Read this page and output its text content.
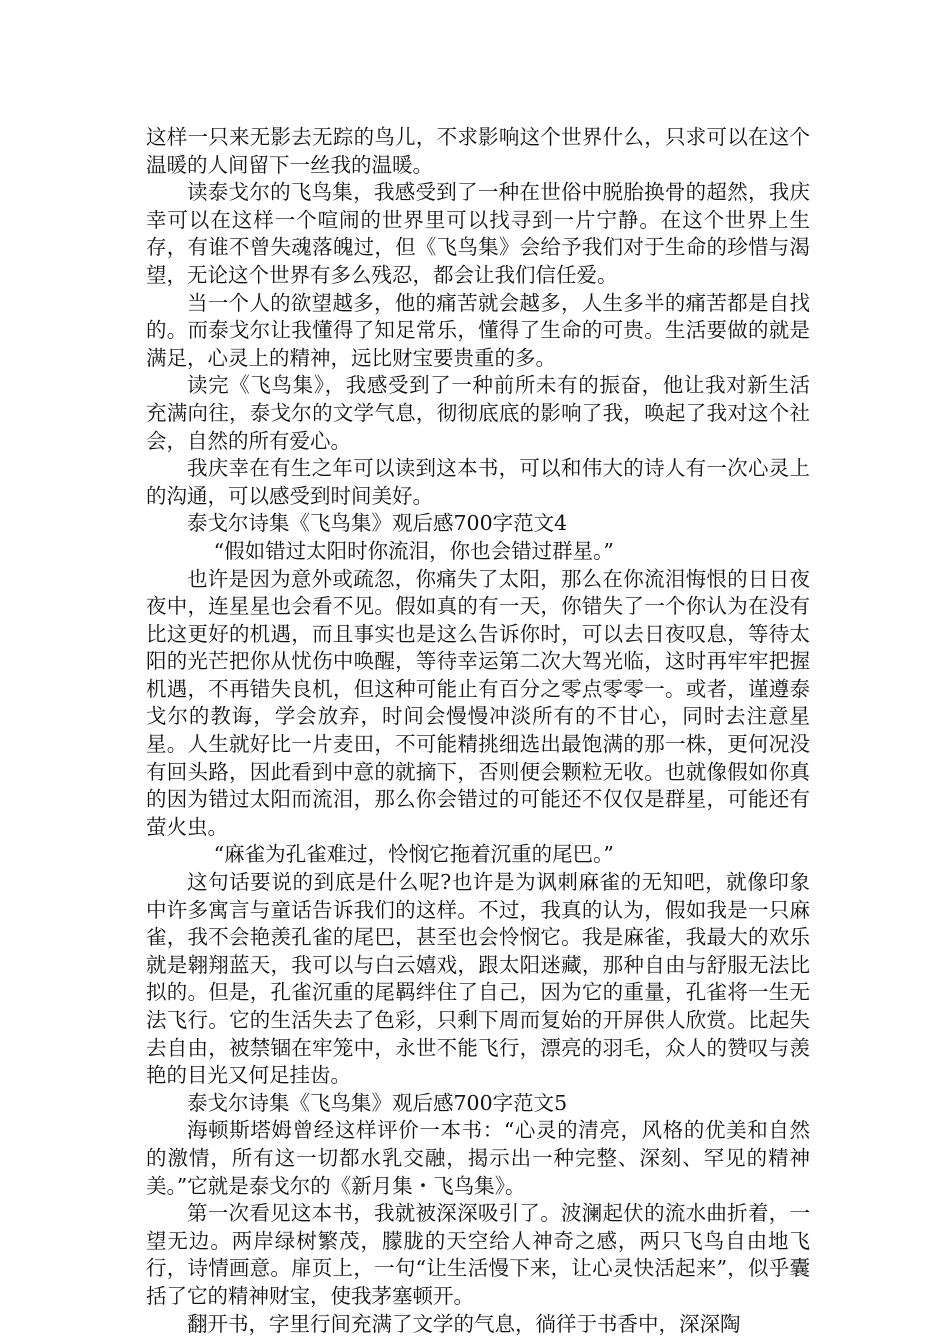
这样一只来无影去无踪的鸟儿，不求影响这个世界什么，只求可以在这个温暖的人间留下一丝我的温暖。

读泰戈尔的飞鸟集，我感受到了一种在世俗中脱胎换骨的超然，我庆幸可以在这样一个喧闹的世界里可以找寻到一片宁静。在这个世界上生存，有谁不曾失魂落魄过，但《飞鸟集》会给予我们对于生命的珍惜与渴望，无论这个世界有多么残忍，都会让我们信任爱。

当一个人的欲望越多，他的痛苦就会越多，人生多半的痛苦都是自找的。而泰戈尔让我懂得了知足常乐，懂得了生命的可贵。生活要做的就是满足，心灵上的精神，远比财宝要贵重的多。

读完《飞鸟集》，我感受到了一种前所未有的振奋，他让我对新生活充满向往，泰戈尔的文学气息，彻彻底底的影响了我，唤起了我对这个社会，自然的所有爱心。

我庆幸在有生之年可以读到这本书，可以和伟大的诗人有一次心灵上的沟通，可以感受到时间美好。

泰戈尔诗集《飞鸟集》观后感700字范文4

“假如错过太阳时你流泪，你也会错过群星。”

也许是因为意外或疏忽，你痛失了太阳，那么在你流泪悔恨的日日夜夜中，连星星也会看不见。假如真的有一天，你错失了一个你认为在没有比这更好的机遇，而且事实也是这么告诉你时，可以去日夜叹息，等待太阳的光芒把你从忧伤中唤醒，等待幸运第二次大驾光临，这时再牢牢把握机遇，不再错失良机，但这种可能止有百分之零点零零一。或者，谨遵泰戈尔的教诲，学会放弃，时间会慢慢冲淡所有的不甘心，同时去注意星星。人生就好比一片麦田，不可能精挑细选出最饱满的那一株，更何况没有回头路，因此看到中意的就摘下，否则便会颗粒无收。也就像假如你真的因为错过太阳而流泪，那么你会错过的可能还不仅仅是群星，可能还有萤火虫。

“麻雀为孔雀难过，怜悯它拖着沉重的尾巴。”

这句话要说的到底是什么呢?也许是为讽刺麻雀的无知吧，就像印象中许多寓言与童话告诉我们的这样。不过，我真的认为，假如我是一只麻雀，我不会艳羡孔雀的尾巴，甚至也会怜悯它。我是麻雀，我最大的欢乐就是翱翔蓝天，我可以与白云嬉戏，跟太阳迷藏，那种自由与舒服无法比拟的。但是，孔雀沉重的尾羁绊住了自己，因为它的重量，孔雀将一生无法飞行。它的生活失去了色彩，只剩下周而复始的开屏供人欣赏。比起失去自由，被禁锢在牢笼中，永世不能飞行，漂亮的羽毛，众人的赞叹与羡艳的目光又何足挂齿。

泰戈尔诗集《飞鸟集》观后感700字范文5

海顿斯塔姆曾经这样评价一本书：“心灵的清亮，风格的优美和自然的激情，所有这一切都水乳交融，揭示出一种完整、深刻、罕见的精神美。”它就是泰戈尔的《新月集・飞鸟集》。

第一次看见这本书，我就被深深吸引了。波澜起伏的流水曲折着，一望无边。两岸绿树繁茂，朦胧的天空给人神奇之感，两只飞鸟自由地飞行，诗情画意。扉页上，一句“让生活慢下来，让心灵快活起来”，似乎囊括了它的精神财宝，使我茅塞顿开。

翻开书，字里行间充满了文学的气息，徜徉于书香中，深深陶
